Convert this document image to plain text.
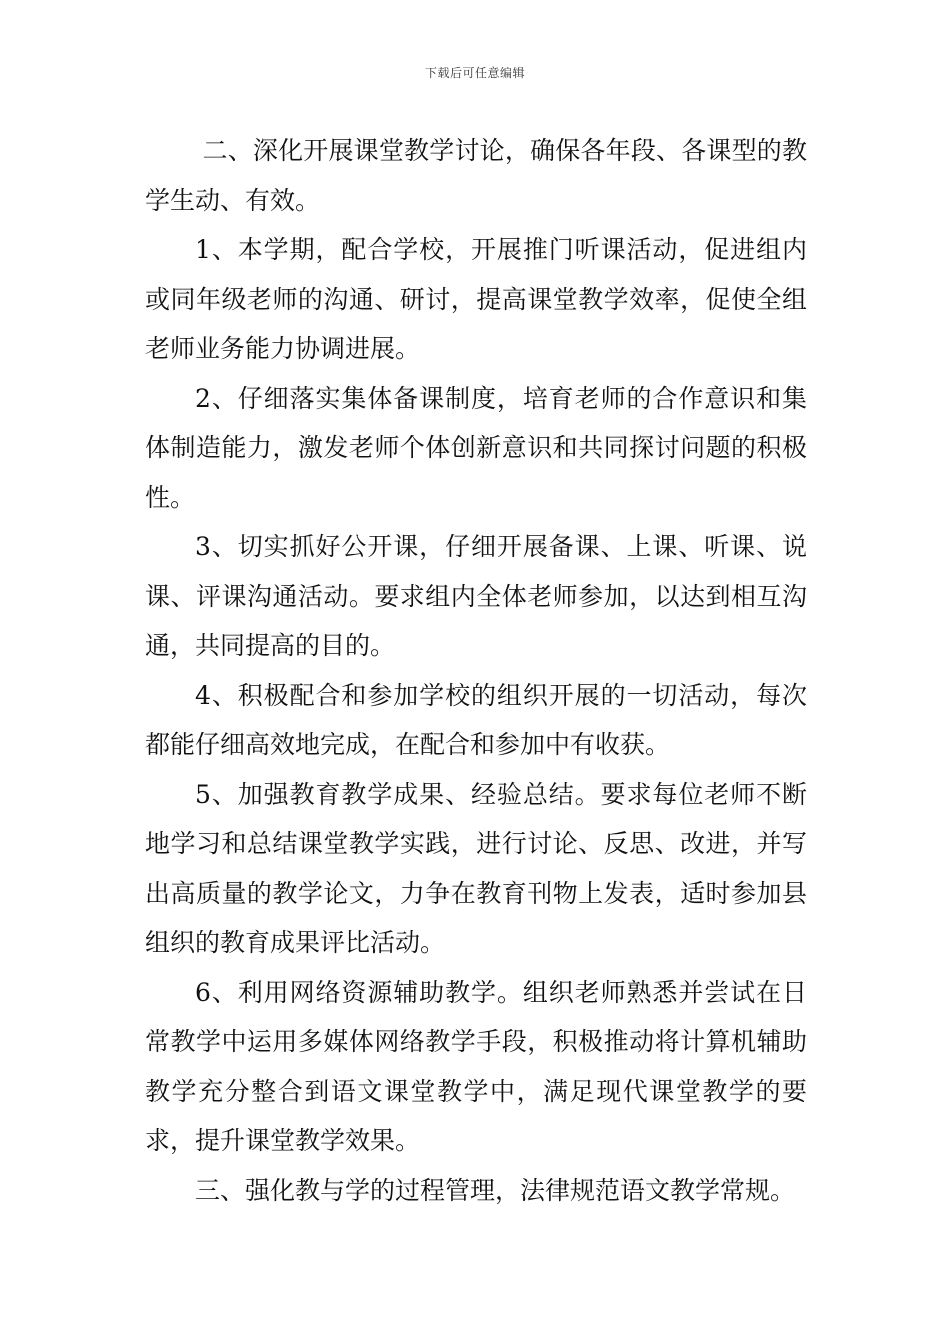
下载后可任意编辑

二、深化开展课堂教学讨论，确保各年段、各课型的教学生动、有效。

1、本学期，配合学校，开展推门听课活动，促进组内或同年级老师的沟通、研讨，提高课堂教学效率，促使全组老师业务能力协调进展。

2、仔细落实集体备课制度，培育老师的合作意识和集体制造能力，激发老师个体创新意识和共同探讨问题的积极性。

3、切实抓好公开课，仔细开展备课、上课、听课、说课、评课沟通活动。要求组内全体老师参加，以达到相互沟通，共同提高的目的。

4、积极配合和参加学校的组织开展的一切活动，每次都能仔细高效地完成，在配合和参加中有收获。

5、加强教育教学成果、经验总结。要求每位老师不断地学习和总结课堂教学实践，进行讨论、反思、改进，并写出高质量的教学论文，力争在教育刊物上发表，适时参加县组织的教育成果评比活动。

6、利用网络资源辅助教学。组织老师熟悉并尝试在日常教学中运用多媒体网络教学手段，积极推动将计算机辅助教学充分整合到语文课堂教学中，满足现代课堂教学的要求，提升课堂教学效果。

三、强化教与学的过程管理，法律规范语文教学常规。
